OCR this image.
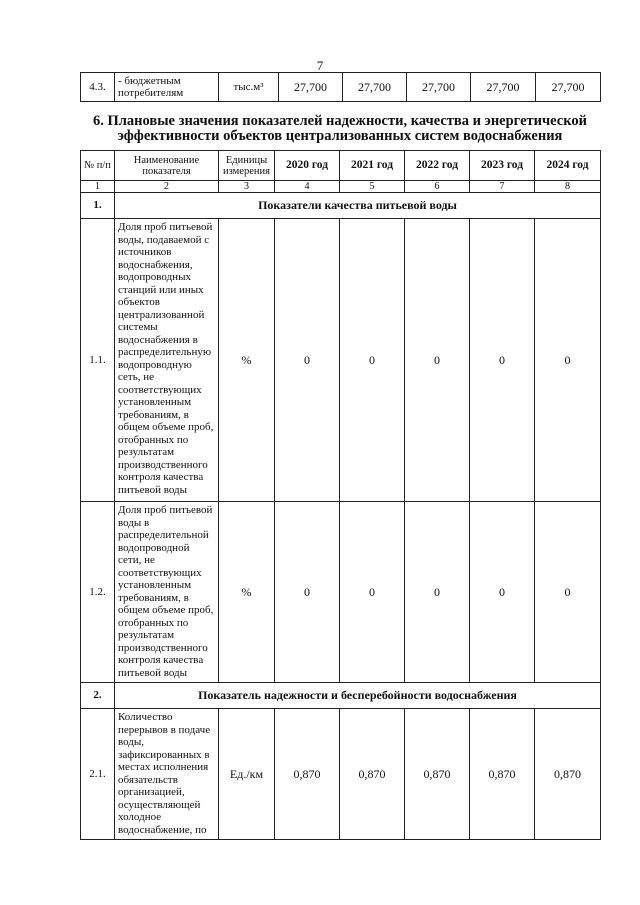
7
4.3.	- бюджетным потребителям	тыс.м³	27,700	27,700	27,700	27,700	27,700
6. Плановые значения показателей надежности, качества и энергетической эффективности объектов централизованных систем водоснабжения
№ п/п	Наименование показателя	Единицы измерения	2020 год	2021 год	2022 год	2023 год	2024 год
1	2	3	4	5	6	7	8
1.	Показатели качества питьевой воды						
1.1.	Доля проб питьевой воды, подаваемой с источников водоснабжения, водопроводных станций или иных объектов централизованной системы водоснабжения в распределительную водопроводную сеть, не соответствующих установленным требованиям, в общем объеме проб, отобранных по результатам производственного контроля качества питьевой воды	%	0	0	0	0	0
1.2.	Доля проб питьевой воды в распределительной водопроводной сети, не соответствующих установленным требованиям, в общем объеме проб, отобранных по результатам производственного контроля качества питьевой воды	%	0	0	0	0	0
2.	Показатель надежности и бесперебойности водоснабжения						
2.1.	Количество перерывов в подаче воды, зафиксированных в местах исполнения обязательств организацией, осуществляющей холодное водоснабжение, по	Ед./км	0,870	0,870	0,870	0,870	0,870
